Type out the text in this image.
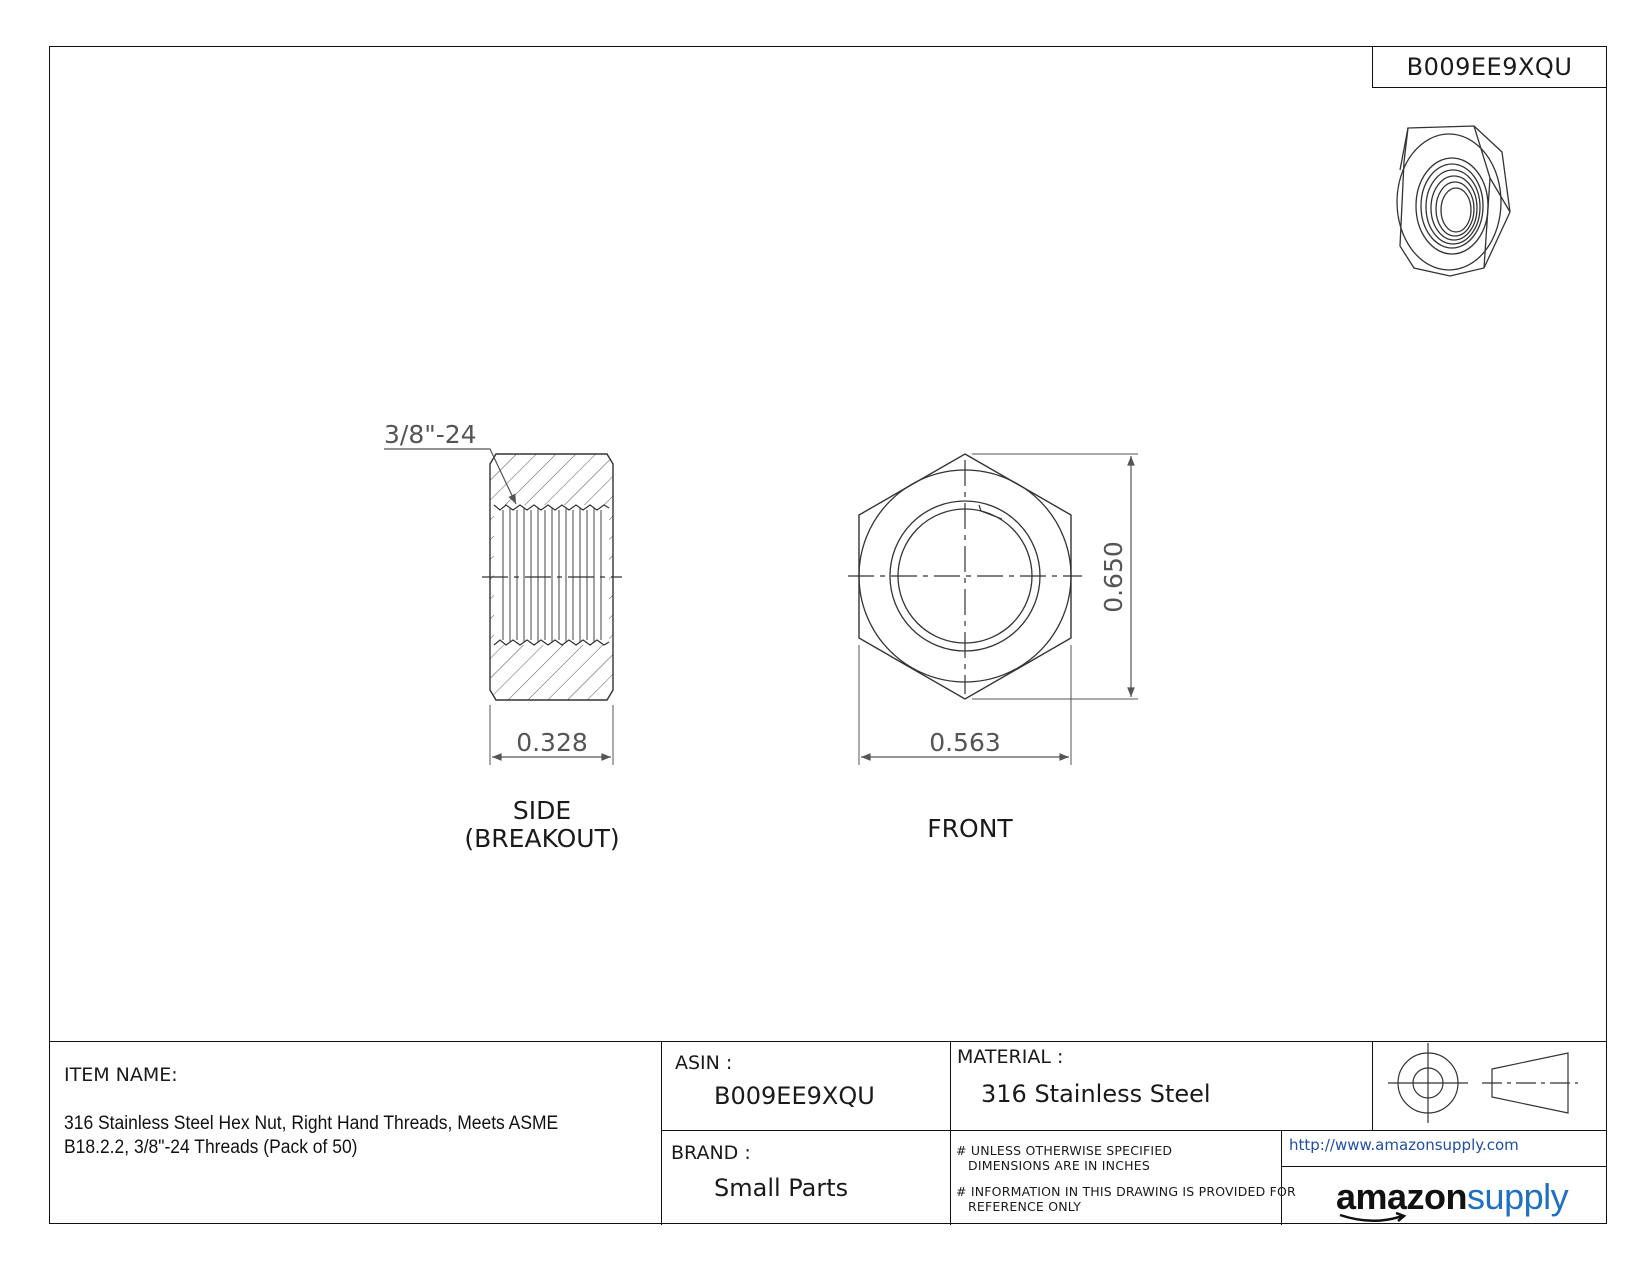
B009EE9XQU
3/8"-24
0.328	0.563
0.650
SIDE
(BREAKOUT)	FRONT
ITEM NAME:
316 Stainless Steel Hex Nut, Right Hand Threads, Meets ASME B18.2.2, 3/8"-24 Threads (Pack of 50)
ASIN :
B009EE9XQU
MATERIAL :
316 Stainless Steel
BRAND :
Small Parts
# UNLESS OTHERWISE SPECIFIED
DIMENSIONS ARE IN INCHES
# INFORMATION IN THIS DRAWING IS PROVIDED FOR
REFERENCE ONLY
http://www.amazonsupply.com
amazonsupply
